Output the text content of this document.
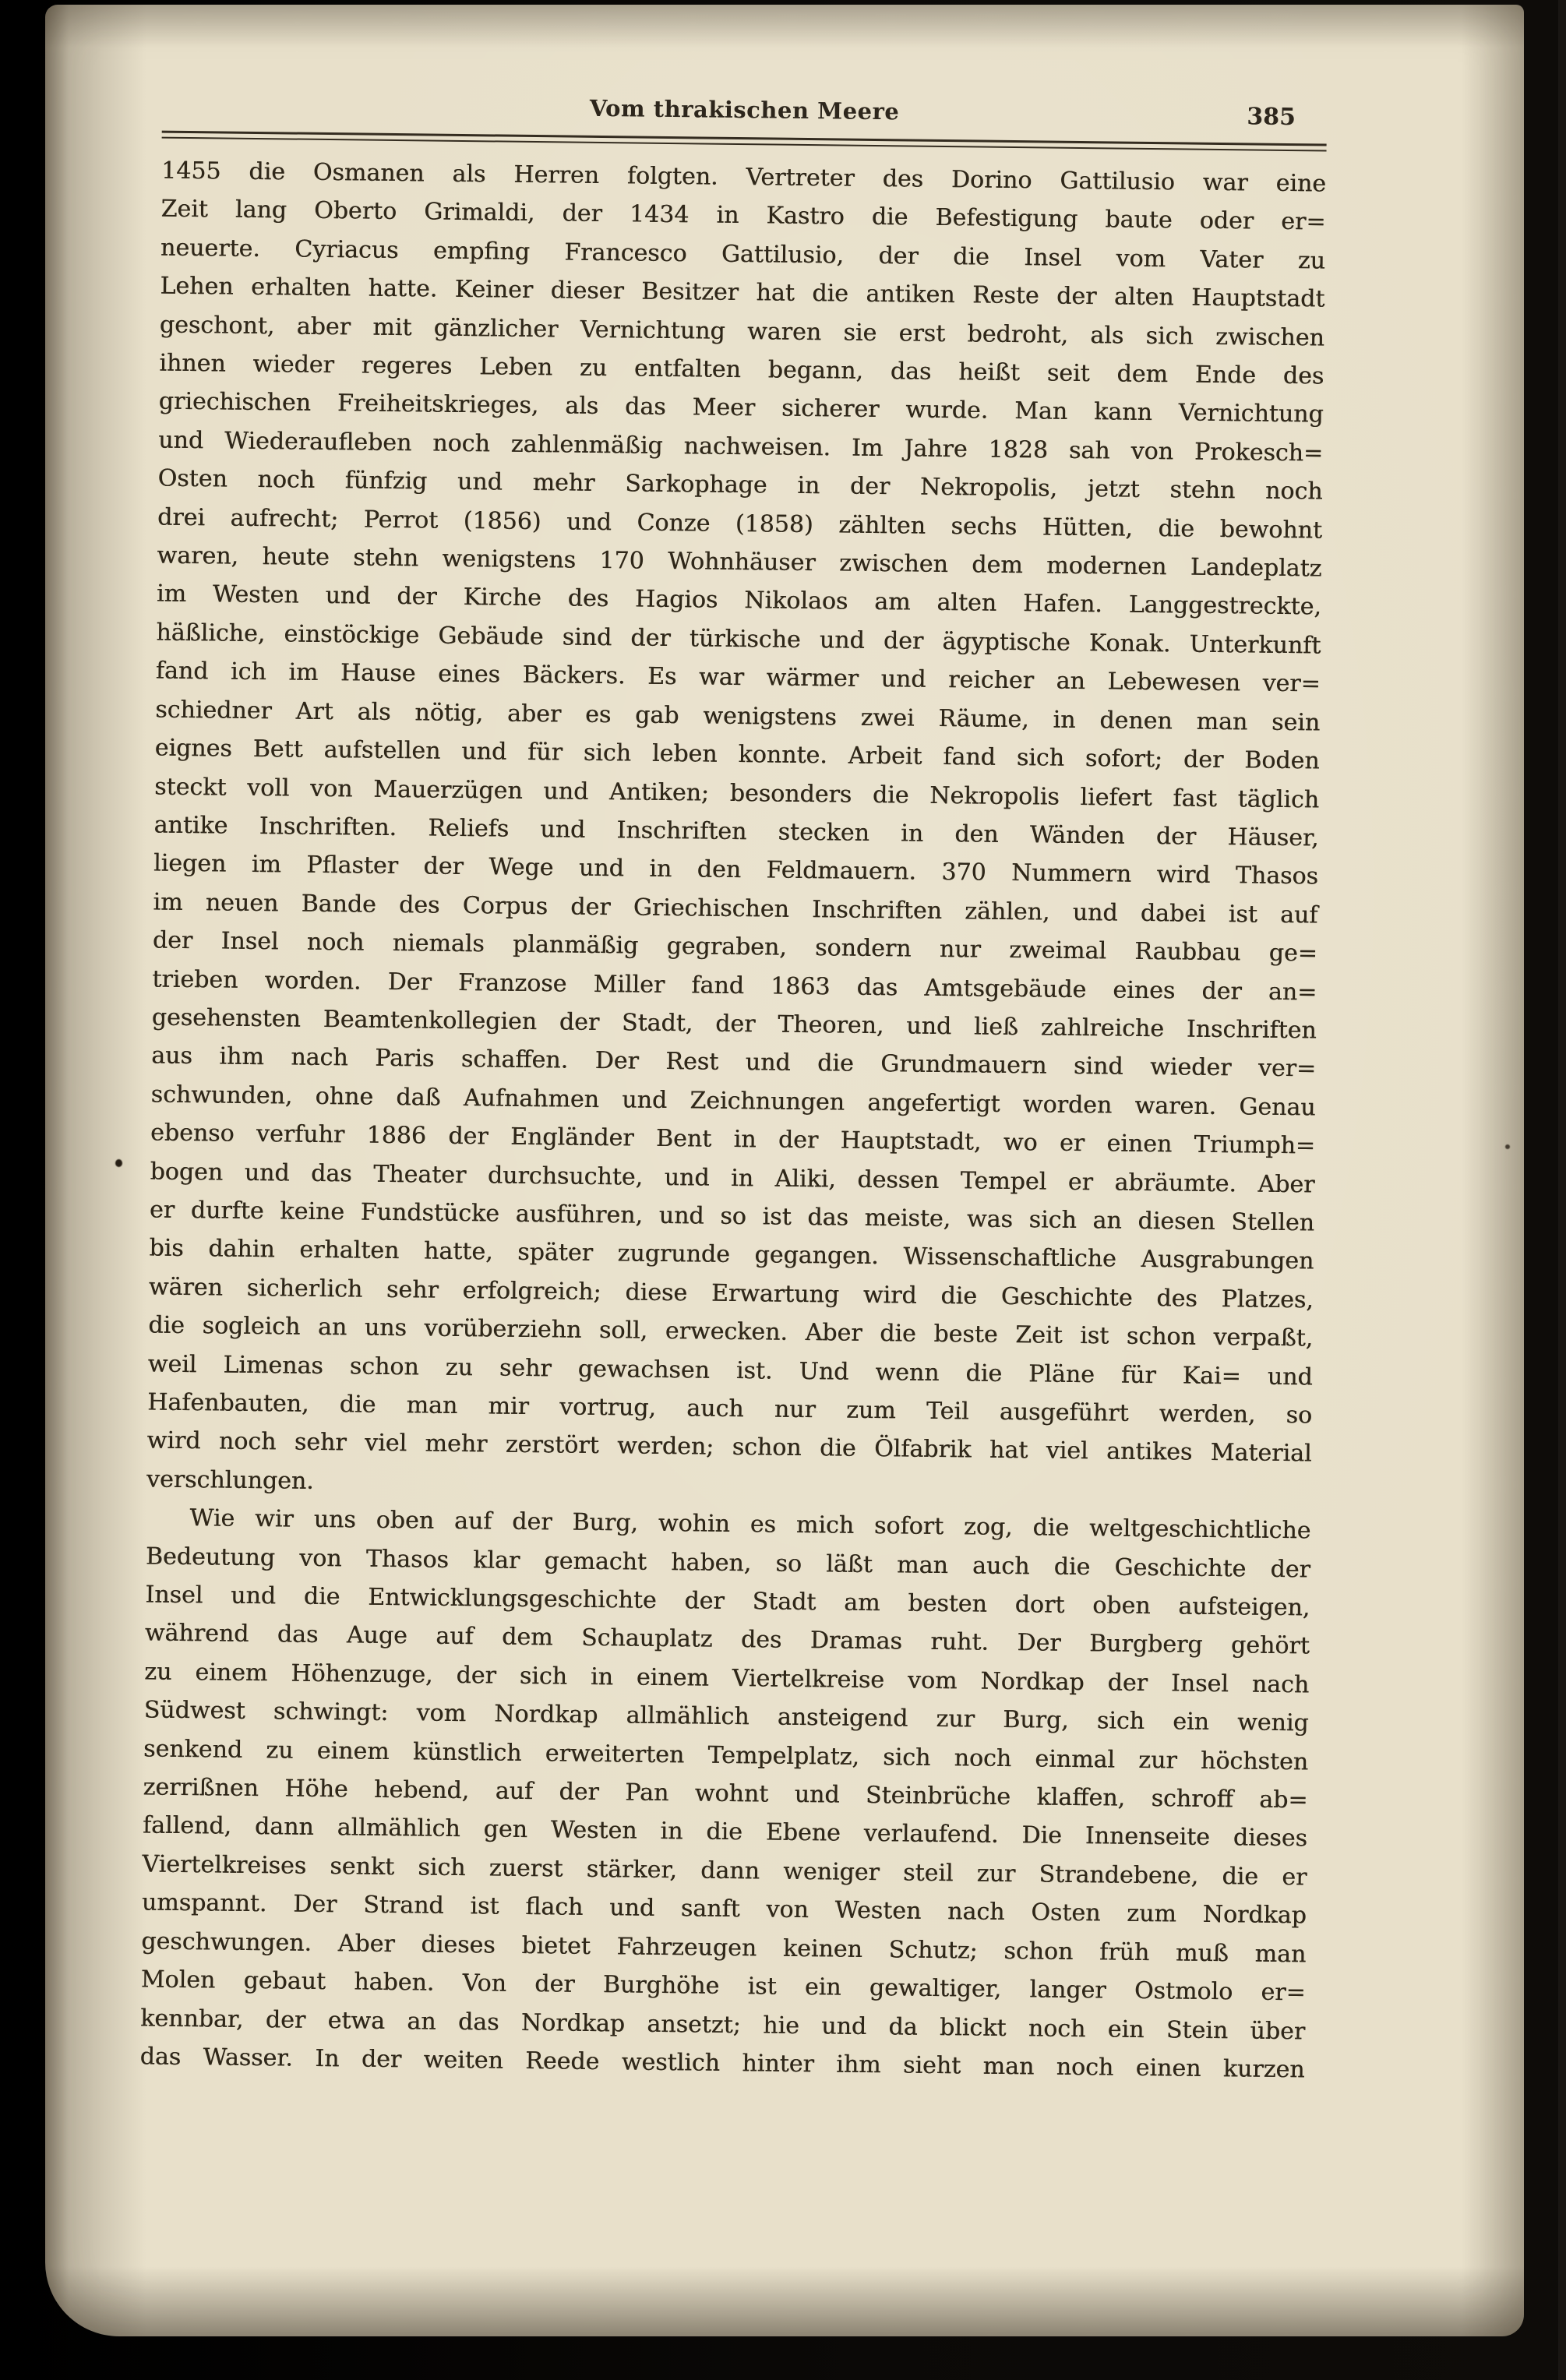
Vom thrakischen Meere	385
1455 die Osmanen als Herren folgten. Vertreter des Dorino Gattilusio war eine
Zeit lang Oberto Grimaldi, der 1434 in Kastro die Befestigung baute oder er=
neuerte. Cyriacus empfing Francesco Gattilusio, der die Insel vom Vater zu
Lehen erhalten hatte. Keiner dieser Besitzer hat die antiken Reste der alten Hauptstadt
geschont, aber mit gänzlicher Vernichtung waren sie erst bedroht, als sich zwischen
ihnen wieder regeres Leben zu entfalten begann, das heißt seit dem Ende des
griechischen Freiheitskrieges, als das Meer sicherer wurde. Man kann Vernichtung
und Wiederaufleben noch zahlenmäßig nachweisen. Im Jahre 1828 sah von Prokesch=
Osten noch fünfzig und mehr Sarkophage in der Nekropolis, jetzt stehn noch
drei aufrecht; Perrot (1856) und Conze (1858) zählten sechs Hütten, die bewohnt
waren, heute stehn wenigstens 170 Wohnhäuser zwischen dem modernen Landeplatz
im Westen und der Kirche des Hagios Nikolaos am alten Hafen. Langgestreckte,
häßliche, einstöckige Gebäude sind der türkische und der ägyptische Konak. Unterkunft
fand ich im Hause eines Bäckers. Es war wärmer und reicher an Lebewesen ver=
schiedner Art als nötig, aber es gab wenigstens zwei Räume, in denen man sein
eignes Bett aufstellen und für sich leben konnte. Arbeit fand sich sofort; der Boden
steckt voll von Mauerzügen und Antiken; besonders die Nekropolis liefert fast täglich
antike Inschriften. Reliefs und Inschriften stecken in den Wänden der Häuser,
liegen im Pflaster der Wege und in den Feldmauern. 370 Nummern wird Thasos
im neuen Bande des Corpus der Griechischen Inschriften zählen, und dabei ist auf
der Insel noch niemals planmäßig gegraben, sondern nur zweimal Raubbau ge=
trieben worden. Der Franzose Miller fand 1863 das Amtsgebäude eines der an=
gesehensten Beamtenkollegien der Stadt, der Theoren, und ließ zahlreiche Inschriften
aus ihm nach Paris schaffen. Der Rest und die Grundmauern sind wieder ver=
schwunden, ohne daß Aufnahmen und Zeichnungen angefertigt worden waren. Genau
ebenso verfuhr 1886 der Engländer Bent in der Hauptstadt, wo er einen Triumph=
bogen und das Theater durchsuchte, und in Aliki, dessen Tempel er abräumte. Aber
er durfte keine Fundstücke ausführen, und so ist das meiste, was sich an diesen Stellen
bis dahin erhalten hatte, später zugrunde gegangen. Wissenschaftliche Ausgrabungen
wären sicherlich sehr erfolgreich; diese Erwartung wird die Geschichte des Platzes,
die sogleich an uns vorüberziehn soll, erwecken. Aber die beste Zeit ist schon verpaßt,
weil Limenas schon zu sehr gewachsen ist. Und wenn die Pläne für Kai= und
Hafenbauten, die man mir vortrug, auch nur zum Teil ausgeführt werden, so
wird noch sehr viel mehr zerstört werden; schon die Ölfabrik hat viel antikes Material
verschlungen.
Wie wir uns oben auf der Burg, wohin es mich sofort zog, die weltgeschichtliche
Bedeutung von Thasos klar gemacht haben, so läßt man auch die Geschichte der
Insel und die Entwicklungsgeschichte der Stadt am besten dort oben aufsteigen,
während das Auge auf dem Schauplatz des Dramas ruht. Der Burgberg gehört
zu einem Höhenzuge, der sich in einem Viertelkreise vom Nordkap der Insel nach
Südwest schwingt: vom Nordkap allmählich ansteigend zur Burg, sich ein wenig
senkend zu einem künstlich erweiterten Tempelplatz, sich noch einmal zur höchsten
zerrißnen Höhe hebend, auf der Pan wohnt und Steinbrüche klaffen, schroff ab=
fallend, dann allmählich gen Westen in die Ebene verlaufend. Die Innenseite dieses
Viertelkreises senkt sich zuerst stärker, dann weniger steil zur Strandebene, die er
umspannt. Der Strand ist flach und sanft von Westen nach Osten zum Nordkap
geschwungen. Aber dieses bietet Fahrzeugen keinen Schutz; schon früh muß man
Molen gebaut haben. Von der Burghöhe ist ein gewaltiger, langer Ostmolo er=
kennbar, der etwa an das Nordkap ansetzt; hie und da blickt noch ein Stein über
das Wasser. In der weiten Reede westlich hinter ihm sieht man noch einen kurzen
